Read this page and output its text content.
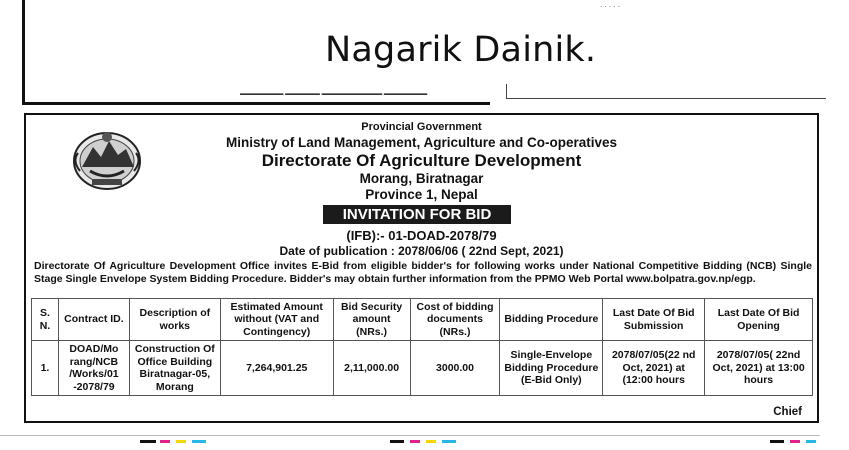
. . . . .
▬▬▬▬▬ ▬▬▬▬ ▬▬▬▬▬▬▬ ▬▬▬▬▬
Nagarik Dainik.
Provincial Government
Ministry of Land Management, Agriculture and Co-operatives
Directorate Of Agriculture Development
Morang, Biratnagar
Province 1, Nepal
INVITATION FOR BID
(IFB):- 01-DOAD-2078/79
Date of publication : 2078/06/06 ( 22nd Sept, 2021)
Directorate Of Agriculture Development Office invites E-Bid from eligible bidder's for following works under National Competitive Bidding (NCB) Single Stage Single Envelope System Bidding Procedure. Bidder's may obtain further information from the PPMO Web Portal www.bolpatra.gov.np/egp.
S. N.	Contract ID.	Description of works	Estimated Amount without (VAT and Contingency)	Bid Security amount (NRs.)	Cost of bidding documents (NRs.)	Bidding Procedure	Last Date Of Bid Submission	Last Date Of Bid Opening
1.	DOAD/Mo rang/NCB /Works/01 -2078/79	Construction Of Office Building Biratnagar-05, Morang	7,264,901.25	2,11,000.00	3000.00	Single-Envelope Bidding Procedure (E-Bid Only)	2078/07/05(22 nd Oct, 2021) at (12:00 hours	2078/07/05( 22nd Oct, 2021) at 13:00 hours
Chief
